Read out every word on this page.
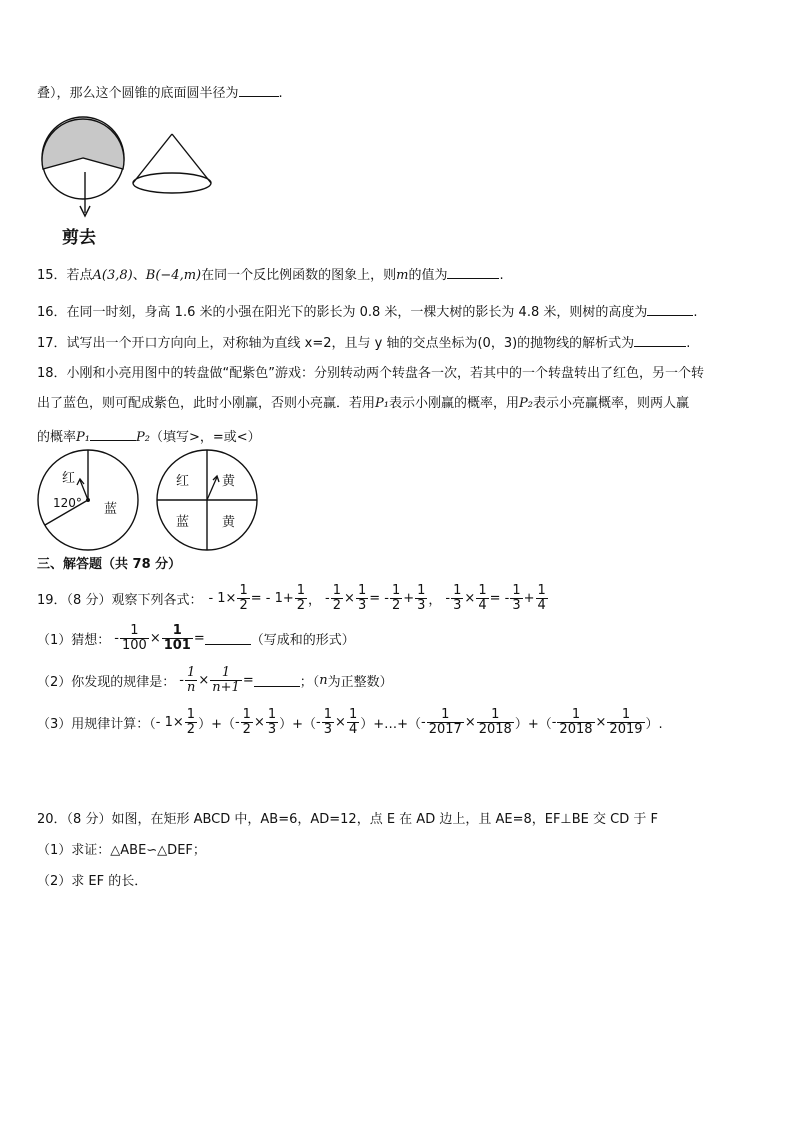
叠），那么这个圆锥的底面圆半径为	.
剪去
15．若点A(3,8)、B(−4,m)在同一个反比例函数的图象上，则m的值为	.
16．在同一时刻，身高 1.6 米的小强在阳光下的影长为 0.8 米，一棵大树的影长为 4.8 米，则树的高度为	.
17．试写出一个开口方向向上，对称轴为直线 x=2，且与 y 轴的交点坐标为(0，3)的抛物线的解析式为	.
18．小刚和小亮用图中的转盘做“配紫色”游戏：分别转动两个转盘各一次，若其中的一个转盘转出了红色，另一个转
出了蓝色，则可配成紫色，此时小刚赢，否则小亮赢．若用P₁表示小刚赢的概率，用P₂表示小亮赢概率，则两人赢
的概率P₁	P₂（填写>，=或<）
红
120° 蓝
红	黄
蓝	黄
三、解答题（共 78 分）
19．（8 分）观察下列各式： - $1\times \frac{1}{2}$ = - $1+ \frac{1}{2}$ ， - $\frac{1}{2} \times \frac{1}{3}$ = - $\frac{1}{2} + \frac{1}{3}$ ， - $\frac{1}{3} \times \frac{1}{4}$ = - $\frac{1}{3} + \frac{1}{4}$
（1）猜想： - $\frac{1}{100} \times \frac{1}{101}$ =	（写成和的形式）
（2）你发现的规律是： - $\frac{1}{n} \times \frac{1}{n+1}$ =	；（ n 为正整数）
（3）用规律计算：（ - $1\times \frac{1}{2}$ ）+（ - $\frac{1}{2} \times \frac{1}{3}$ ）+（ - $\frac{1}{3} \times \frac{1}{4}$ ）+…+（ - $\frac{1}{2017} \times \frac{1}{2018}$ ）+（ - $\frac{1}{2018} \times \frac{1}{2019}$ ）.
20．（8 分）如图，在矩形 ABCD 中，AB=6，AD=12，点 E 在 AD 边上，且 AE=8，EF⊥BE 交 CD 于 F
（1）求证：△ABE∽△DEF；
（2）求 EF 的长．
